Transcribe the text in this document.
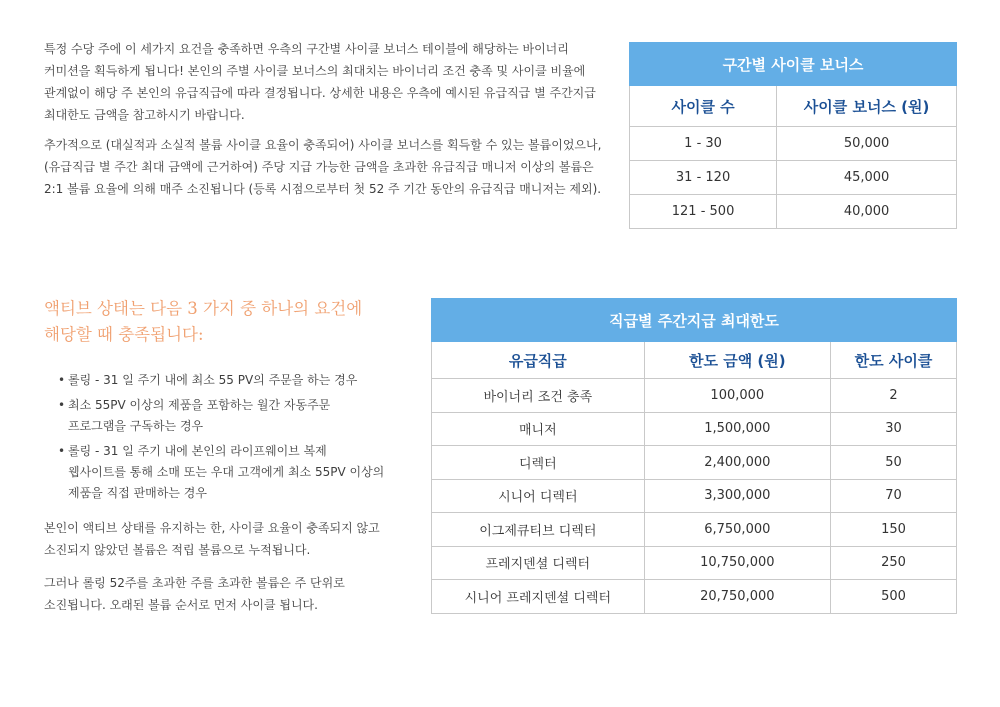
특정 수당 주에 이 세가지 요건을 충족하면 우측의 구간별 사이클 보너스 테이블에 해당하는 바이너리
커미션을 획득하게 됩니다! 본인의 주별 사이클 보너스의 최대치는 바이너리 조건 충족 및 사이클 비율에
관계없이 해당 주 본인의 유급직급에 따라 결정됩니다. 상세한 내용은 우측에 예시된 유급직급 별 주간지급
최대한도 금액을 참고하시기 바랍니다.

추가적으로 (대실적과 소실적 볼륨 사이클 요율이 충족되어) 사이클 보너스를 획득할 수 있는 볼륨이었으나,
(유급직급 별 주간 최대 금액에 근거하여) 주당 지급 가능한 금액을 초과한 유급직급 매니저 이상의 볼륨은
2:1 볼륨 요율에 의해 매주 소진됩니다 (등록 시점으로부터 첫 52 주 기간 동안의 유급직급 매니저는 제외).

구간별 사이클 보너스	
사이클 수	사이클 보너스 (원)
1 - 30	50,000
31 - 120	45,000
121 - 500	40,000

액티브 상태는 다음 3 가지 중 하나의 요건에
해당할 때 충족됩니다:

• 롤링 - 31 일 주기 내에 최소 55 PV의 주문을 하는 경우
• 최소 55PV 이상의 제품을 포함하는 월간 자동주문
프로그램을 구독하는 경우
• 롤링 - 31 일 주기 내에 본인의 라이프웨이브 복제
웹사이트를 통해 소매 또는 우대 고객에게 최소 55PV 이상의
제품을 직접 판매하는 경우

본인이 액티브 상태를 유지하는 한, 사이클 요율이 충족되지 않고
소진되지 않았던 볼륨은 적립 볼륨으로 누적됩니다.

그러나 롤링 52주를 초과한 주를 초과한 볼륨은 주 단위로
소진됩니다. 오래된 볼륨 순서로 먼저 사이클 됩니다.

직급별 주간지급 최대한도		
유급직급	한도 금액 (원)	한도 사이클
바이너리 조건 충족	100,000	2
매니저	1,500,000	30
디렉터	2,400,000	50
시니어 디렉터	3,300,000	70
이그제큐티브 디렉터	6,750,000	150
프레지덴셜 디렉터	10,750,000	250
시니어 프레지덴셜 디렉터	20,750,000	500
